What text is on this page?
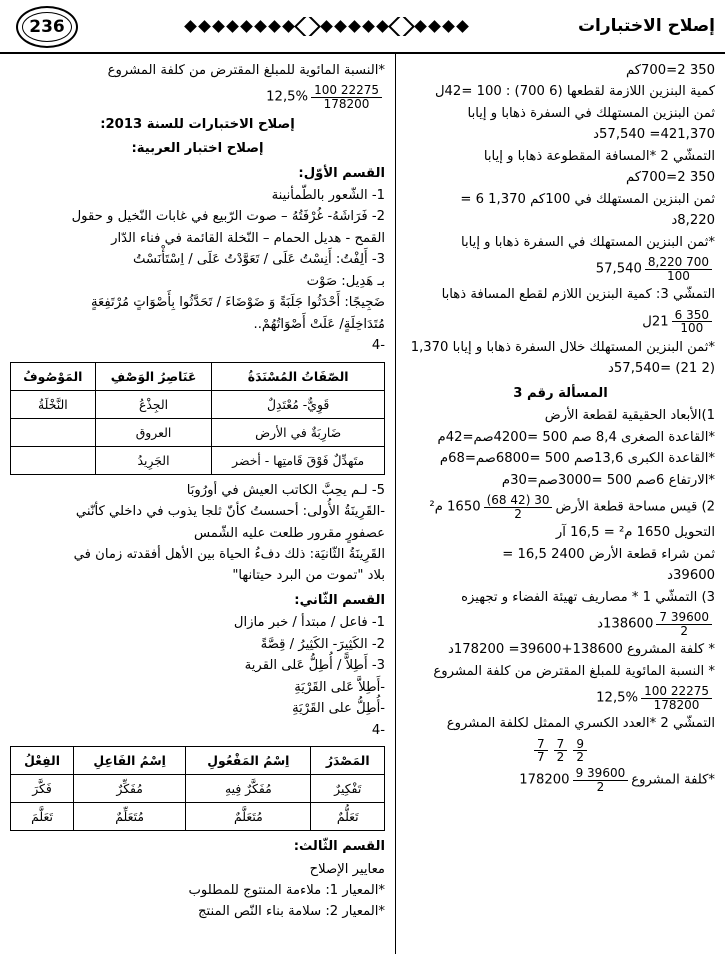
إصلاح الاختبارات
236
350 2=700كم
كمية البنزين اللازمة لقطعها (6 700) : 100 =42ل
ثمن البنزين المستهلك في السفرة ذهابا و إيابا
421,370= 57,540د
التمشّي 2 *المسافة المقطوعة ذهابا و إيابا
350 2=700كم
ثمن البنزين المستهلك في 100كم 1,370 6 =
8,220د
*ثمن البنزين المستهلك في السفرة ذهابا و إيابا
$\frac{700 8,220}{100}$
57,540
التمشّي 3: كمية البنزين اللازم لقطع المسافة ذهابا
$\frac{350 6}{100}$
21ل
*ثمن البنزين المستهلك خلال السفرة ذهابا و إيابا 1,370
(2 21) =57,540د
المسألة رقم 3
1)الأبعاد الحقيقية لقطعة الأرض
*القاعدة الصغرى 8,4 صم 500 =4200صم=42م
*القاعدة الكبرى 13,6صم 500 =6800صم=68م
*الارتفاع 6صم 500 =3000صم=30م
2) قيس مساحة قطعة الأرض
$\frac{30 (42 68)}{2}$
1650 م²
التحويل 1650 م² = 16,5 آر
ثمن شراء قطعة الأرض 2400 16,5 =
39600د
3) التمشّي 1 * مصاريف تهيئة الفضاء و تجهيزه
$\frac{39600 7}{2}$
138600د
* كلفة المشروع 138600+39600= 178200د
* النسبة المائوية للمبلغ المقترض من كلفة المشروع
$\frac{22275 100}{178200}$
12,5%
التمشّي 2 *العدد الكسري الممثل لكلفة المشروع
$\frac{9}{2}$
$\frac{7}{2}$
$\frac{7}{7}$
*كلفة المشروع
$\frac{39600 9}{2}$
178200
*النسبة المائوية للمبلغ المقترض من كلفة المشروع
$\frac{22275 100}{178200}$
12,5%
إصلاح الاختبارات للسنة 2013:
إصلاح اختبار العربية:
القسم الأوّل:
1- الشّعور بالطّمأنينة
2- فَرَاشَهُ- غُرْفَتُهُ – صوت الرّبيع في غابات النّخيل و حقول
القمح - هديل الحمام – النّخلة القائمة في فناء الدّار
3- أَلِفْتُ: أَنِسْتُ عَلَى / تَعَوَّدْتُ عَلَى / اِسْتَأْنَسْتُ
بـ هَدِيل: صَوْت
ضَجِيجًا: أَحْدَثُوا جَلَبَةً وَ ضَوْضَاءَ / تَحَدَّثُوا بِأَصْوَاتٍ مُرْتَفِعَةٍ
مُتَدَاخِلَةٍ/ عَلَتْ أَصْوَاتُهُمْ..
-4
الصّفَاتُ المُسْنَدَةُ	عَنَاصِرُ الوَصْفِ	المَوْصُوفُ
قَوِيٌّ- مُعْتَدِلٌ	الجِذْعُ	النَّخْلَةُ
ضَارِبَةٌ في الأرض	العروق	
متَهدِّلٌ فَوْقَ قَامتِها - أخضر	الجَرِيدُ	
5- لـم يحِبَّ الكاتب العيش في أورُوبَا
-القَرِينَةُ الأُولى: أحسستُ كأنّ ثلجا يذوب في داخلي كأنّني
عصفورٍ مقرور طلعت عليه الشّمس
القَرِينَةُ الثّانيَة: ذلك دفءُ الحياة بين الأهل أفقدته زمان في
بلاد "تموت من البرد حيتانها"
القسم الثّاني:
1- فاعل / مبتدأ / خبر مازال
2- الكَثِيرَ- الكَثِيرُ / قِصَّةً
3- أَطِلاًّ / أُطِلُّ عَلى القرية
-أَطِلاَّ عَلى القَرْيَةِ
-أُطِلُّ على القَرْيَةِ
-4
المَصْدَرُ	اِسْمُ المَفْعُولِ	اِسْمُ الفَاعِلِ	الفِعْلُ
تَفْكِيرٌ	مُفَكَّرٌ فِيهِ	مُفَكِّرٌ	فَكَّرَ
تَعَلُّمٌ	مُتَعَلَّمٌ	مُتَعَلِّمٌ	تَعَلَّمَ
القسم الثّالث:
معايير الإصلاح
*المعيار 1: ملاءمة المنتوج للمطلوب
*المعيار 2: سلامة بناء النّص المنتج
